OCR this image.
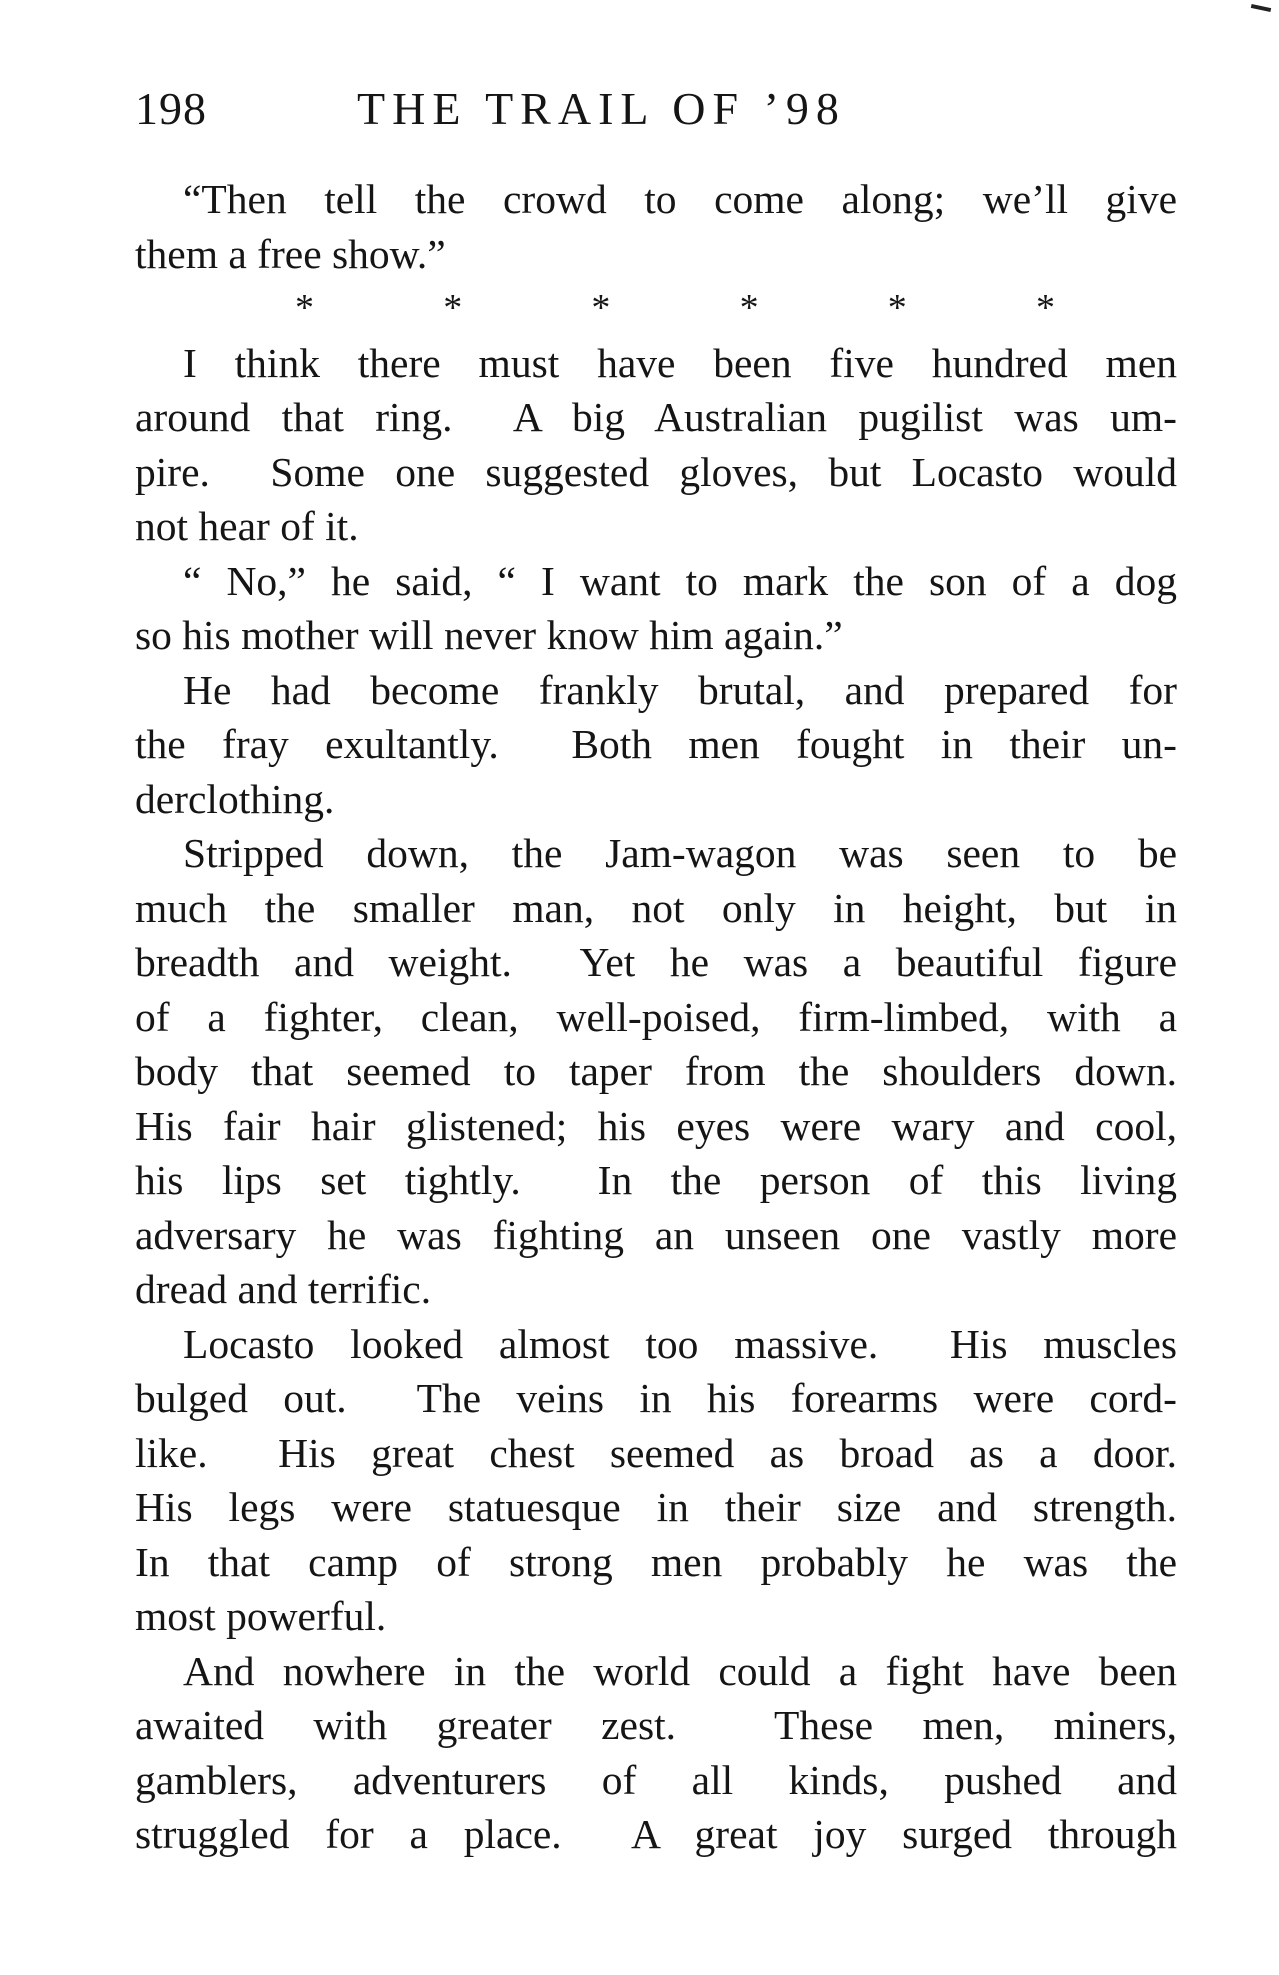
198	THE TRAIL OF ’98
“Then tell the crowd to come along; we’ll give
them a free show.”
*	*	*	*	*	*
I think there must have been five hundred men
around that ring.  A big Australian pugilist was um-
pire.  Some one suggested gloves, but Locasto would
not hear of it.
“ No,” he said, “ I want to mark the son of a dog
so his mother will never know him again.”
He had become frankly brutal, and prepared for
the fray exultantly.  Both men fought in their un-
derclothing.
Stripped down, the Jam-wagon was seen to be
much the smaller man, not only in height, but in
breadth and weight.  Yet he was a beautiful figure
of a fighter, clean, well-poised, firm-limbed, with a
body that seemed to taper from the shoulders down.
His fair hair glistened; his eyes were wary and cool,
his lips set tightly.  In the person of this living
adversary he was fighting an unseen one vastly more
dread and terrific.
Locasto looked almost too massive.  His muscles
bulged out.  The veins in his forearms were cord-
like.  His great chest seemed as broad as a door.
His legs were statuesque in their size and strength.
In that camp of strong men probably he was the
most powerful.
And nowhere in the world could a fight have been
awaited with greater zest.  These men, miners,
gamblers, adventurers of all kinds, pushed and
struggled for a place.  A great joy surged through
